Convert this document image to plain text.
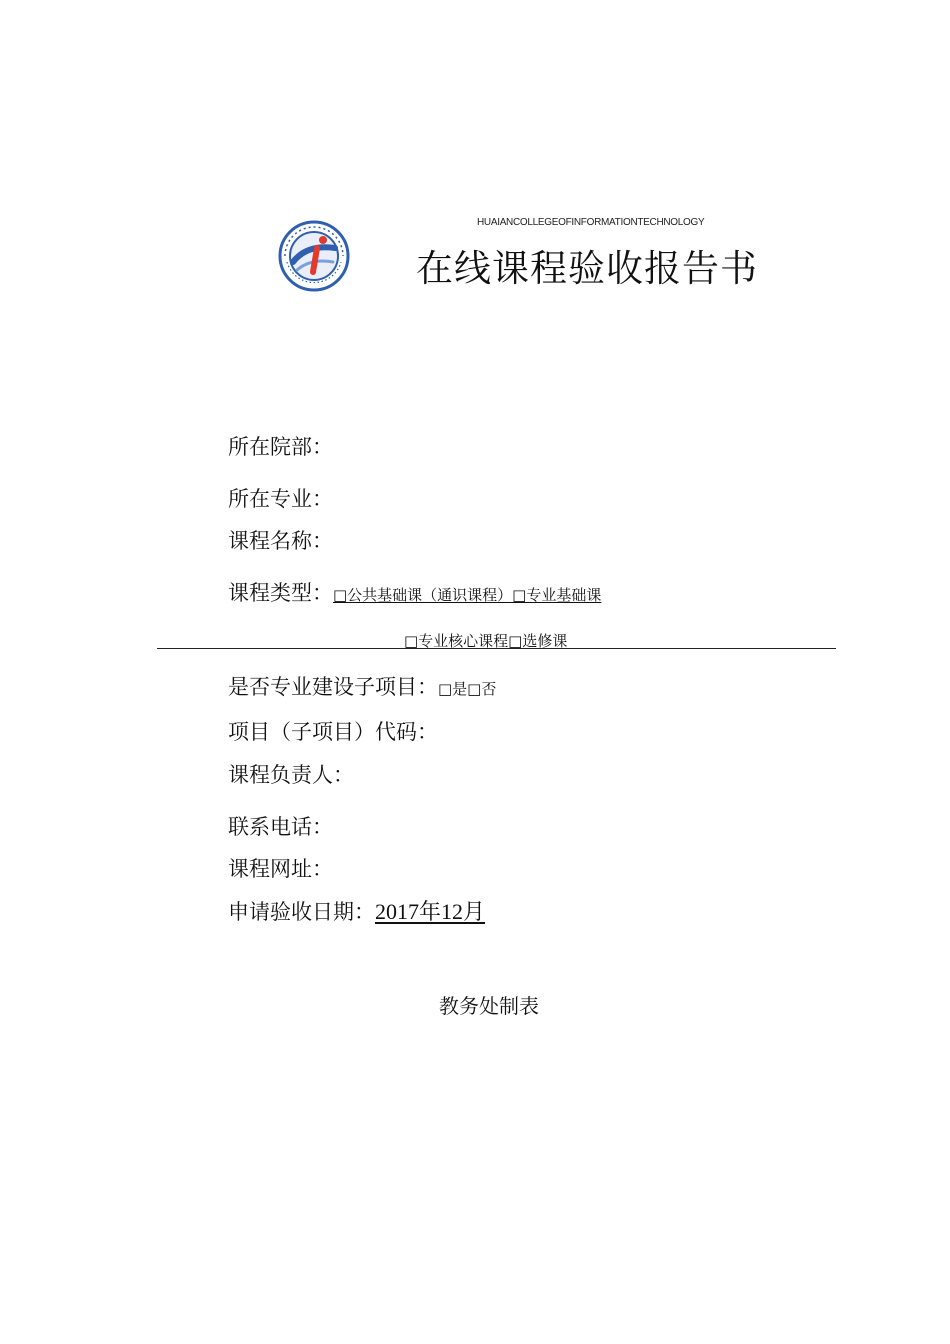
HUAIANCOLLEGEOFINFORMATIONTECHNOLOGY
在线课程验收报告书
所在院部：
所在专业：
课程名称：
课程类型：□公共基础课（通识课程）□专业基础课
□专业核心课程□选修课
是否专业建设子项目：□是□否
项目（子项目）代码：
课程负责人：
联系电话：
课程网址：
申请验收日期：2017年12月
教务处制表
